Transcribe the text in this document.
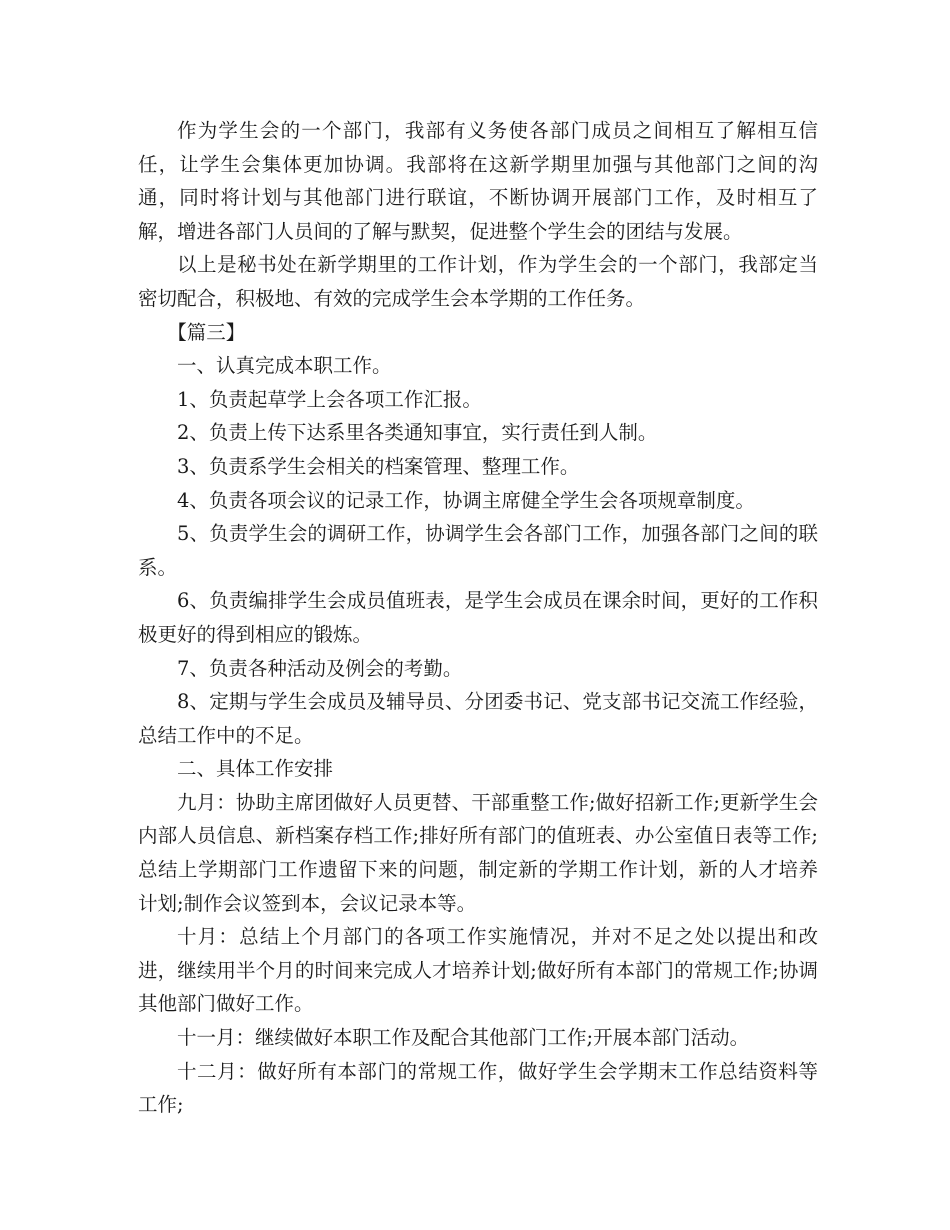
作为学生会的一个部门，我部有义务使各部门成员之间相互了解相互信任，让学生会集体更加协调。我部将在这新学期里加强与其他部门之间的沟通，同时将计划与其他部门进行联谊，不断协调开展部门工作，及时相互了解，增进各部门人员间的了解与默契，促进整个学生会的团结与发展。

以上是秘书处在新学期里的工作计划，作为学生会的一个部门，我部定当密切配合，积极地、有效的完成学生会本学期的工作任务。

【篇三】

一、认真完成本职工作。

1、负责起草学上会各项工作汇报。

2、负责上传下达系里各类通知事宜，实行责任到人制。

3、负责系学生会相关的档案管理、整理工作。

4、负责各项会议的记录工作，协调主席健全学生会各项规章制度。

5、负责学生会的调研工作，协调学生会各部门工作，加强各部门之间的联系。

6、负责编排学生会成员值班表，是学生会成员在课余时间，更好的工作积极更好的得到相应的锻炼。

7、负责各种活动及例会的考勤。

8、定期与学生会成员及辅导员、分团委书记、党支部书记交流工作经验，总结工作中的不足。

二、具体工作安排

九月：协助主席团做好人员更替、干部重整工作;做好招新工作;更新学生会内部人员信息、新档案存档工作;排好所有部门的值班表、办公室值日表等工作;总结上学期部门工作遗留下来的问题，制定新的学期工作计划，新的人才培养计划;制作会议签到本，会议记录本等。

十月：总结上个月部门的各项工作实施情况，并对不足之处以提出和改进，继续用半个月的时间来完成人才培养计划;做好所有本部门的常规工作;协调其他部门做好工作。

十一月：继续做好本职工作及配合其他部门工作;开展本部门活动。

十二月：做好所有本部门的常规工作，做好学生会学期末工作总结资料等工作;
